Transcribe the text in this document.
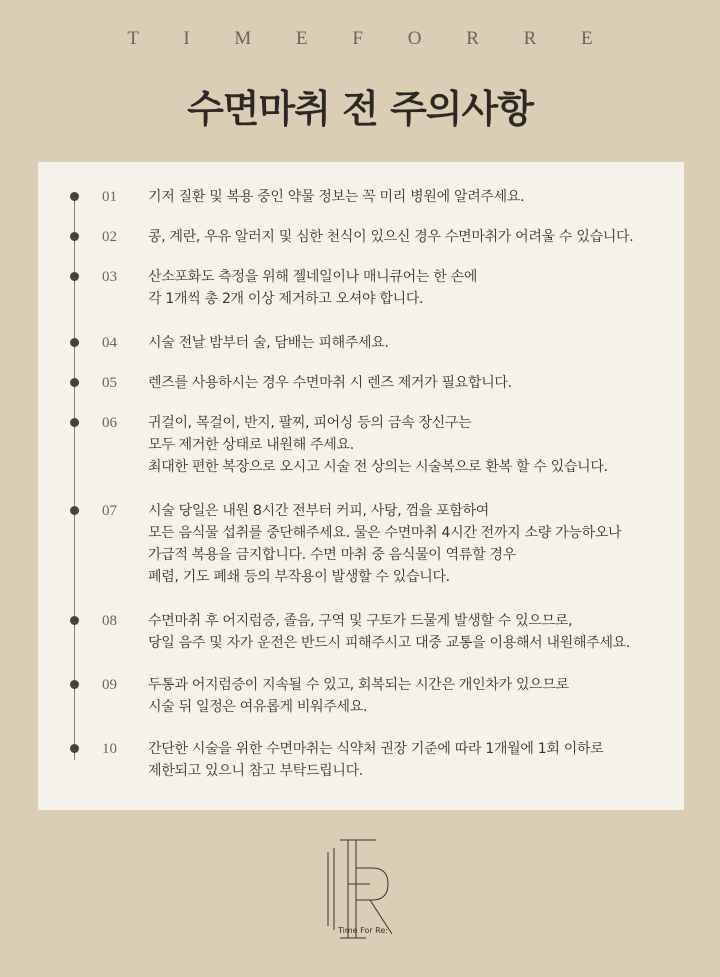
T I M E F O R R E
수면마취 전 주의사항
01 기저 질환 및 복용 중인 약물 정보는 꼭 미리 병원에 알려주세요.
02 콩, 계란, 우유 알러지 및 심한 천식이 있으신 경우 수면마취가 어려울 수 있습니다.
03 산소포화도 측정을 위해 젤네일이나 매니큐어는 한 손에
각 1개씩 총 2개 이상 제거하고 오셔야 합니다.
04 시술 전날 밤부터 술, 담배는 피해주세요.
05 렌즈를 사용하시는 경우 수면마취 시 렌즈 제거가 필요합니다.
06 귀걸이, 목걸이, 반지, 팔찌, 피어싱 등의 금속 장신구는
모두 제거한 상태로 내원해 주세요.
최대한 편한 복장으로 오시고 시술 전 상의는 시술복으로 환복 할 수 있습니다.
07 시술 당일은 내원 8시간 전부터 커피, 사탕, 껌을 포함하여
모든 음식물 섭취를 중단해주세요. 물은 수면마취 4시간 전까지 소량 가능하오나
가급적 복용을 금지합니다. 수면 마취 중 음식물이 역류할 경우
폐렴, 기도 폐쇄 등의 부작용이 발생할 수 있습니다.
08 수면마취 후 어지럼증, 졸음, 구역 및 구토가 드물게 발생할 수 있으므로,
당일 음주 및 자가 운전은 반드시 피해주시고 대중 교통을 이용해서 내원해주세요.
09 두통과 어지럼증이 지속될 수 있고, 회복되는 시간은 개인차가 있으므로
시술 뒤 일정은 여유롭게 비워주세요.
10 간단한 시술을 위한 수면마취는 식약처 권장 기준에 따라 1개월에 1회 이하로
제한되고 있으니 참고 부탁드립니다.
Time For Re:
